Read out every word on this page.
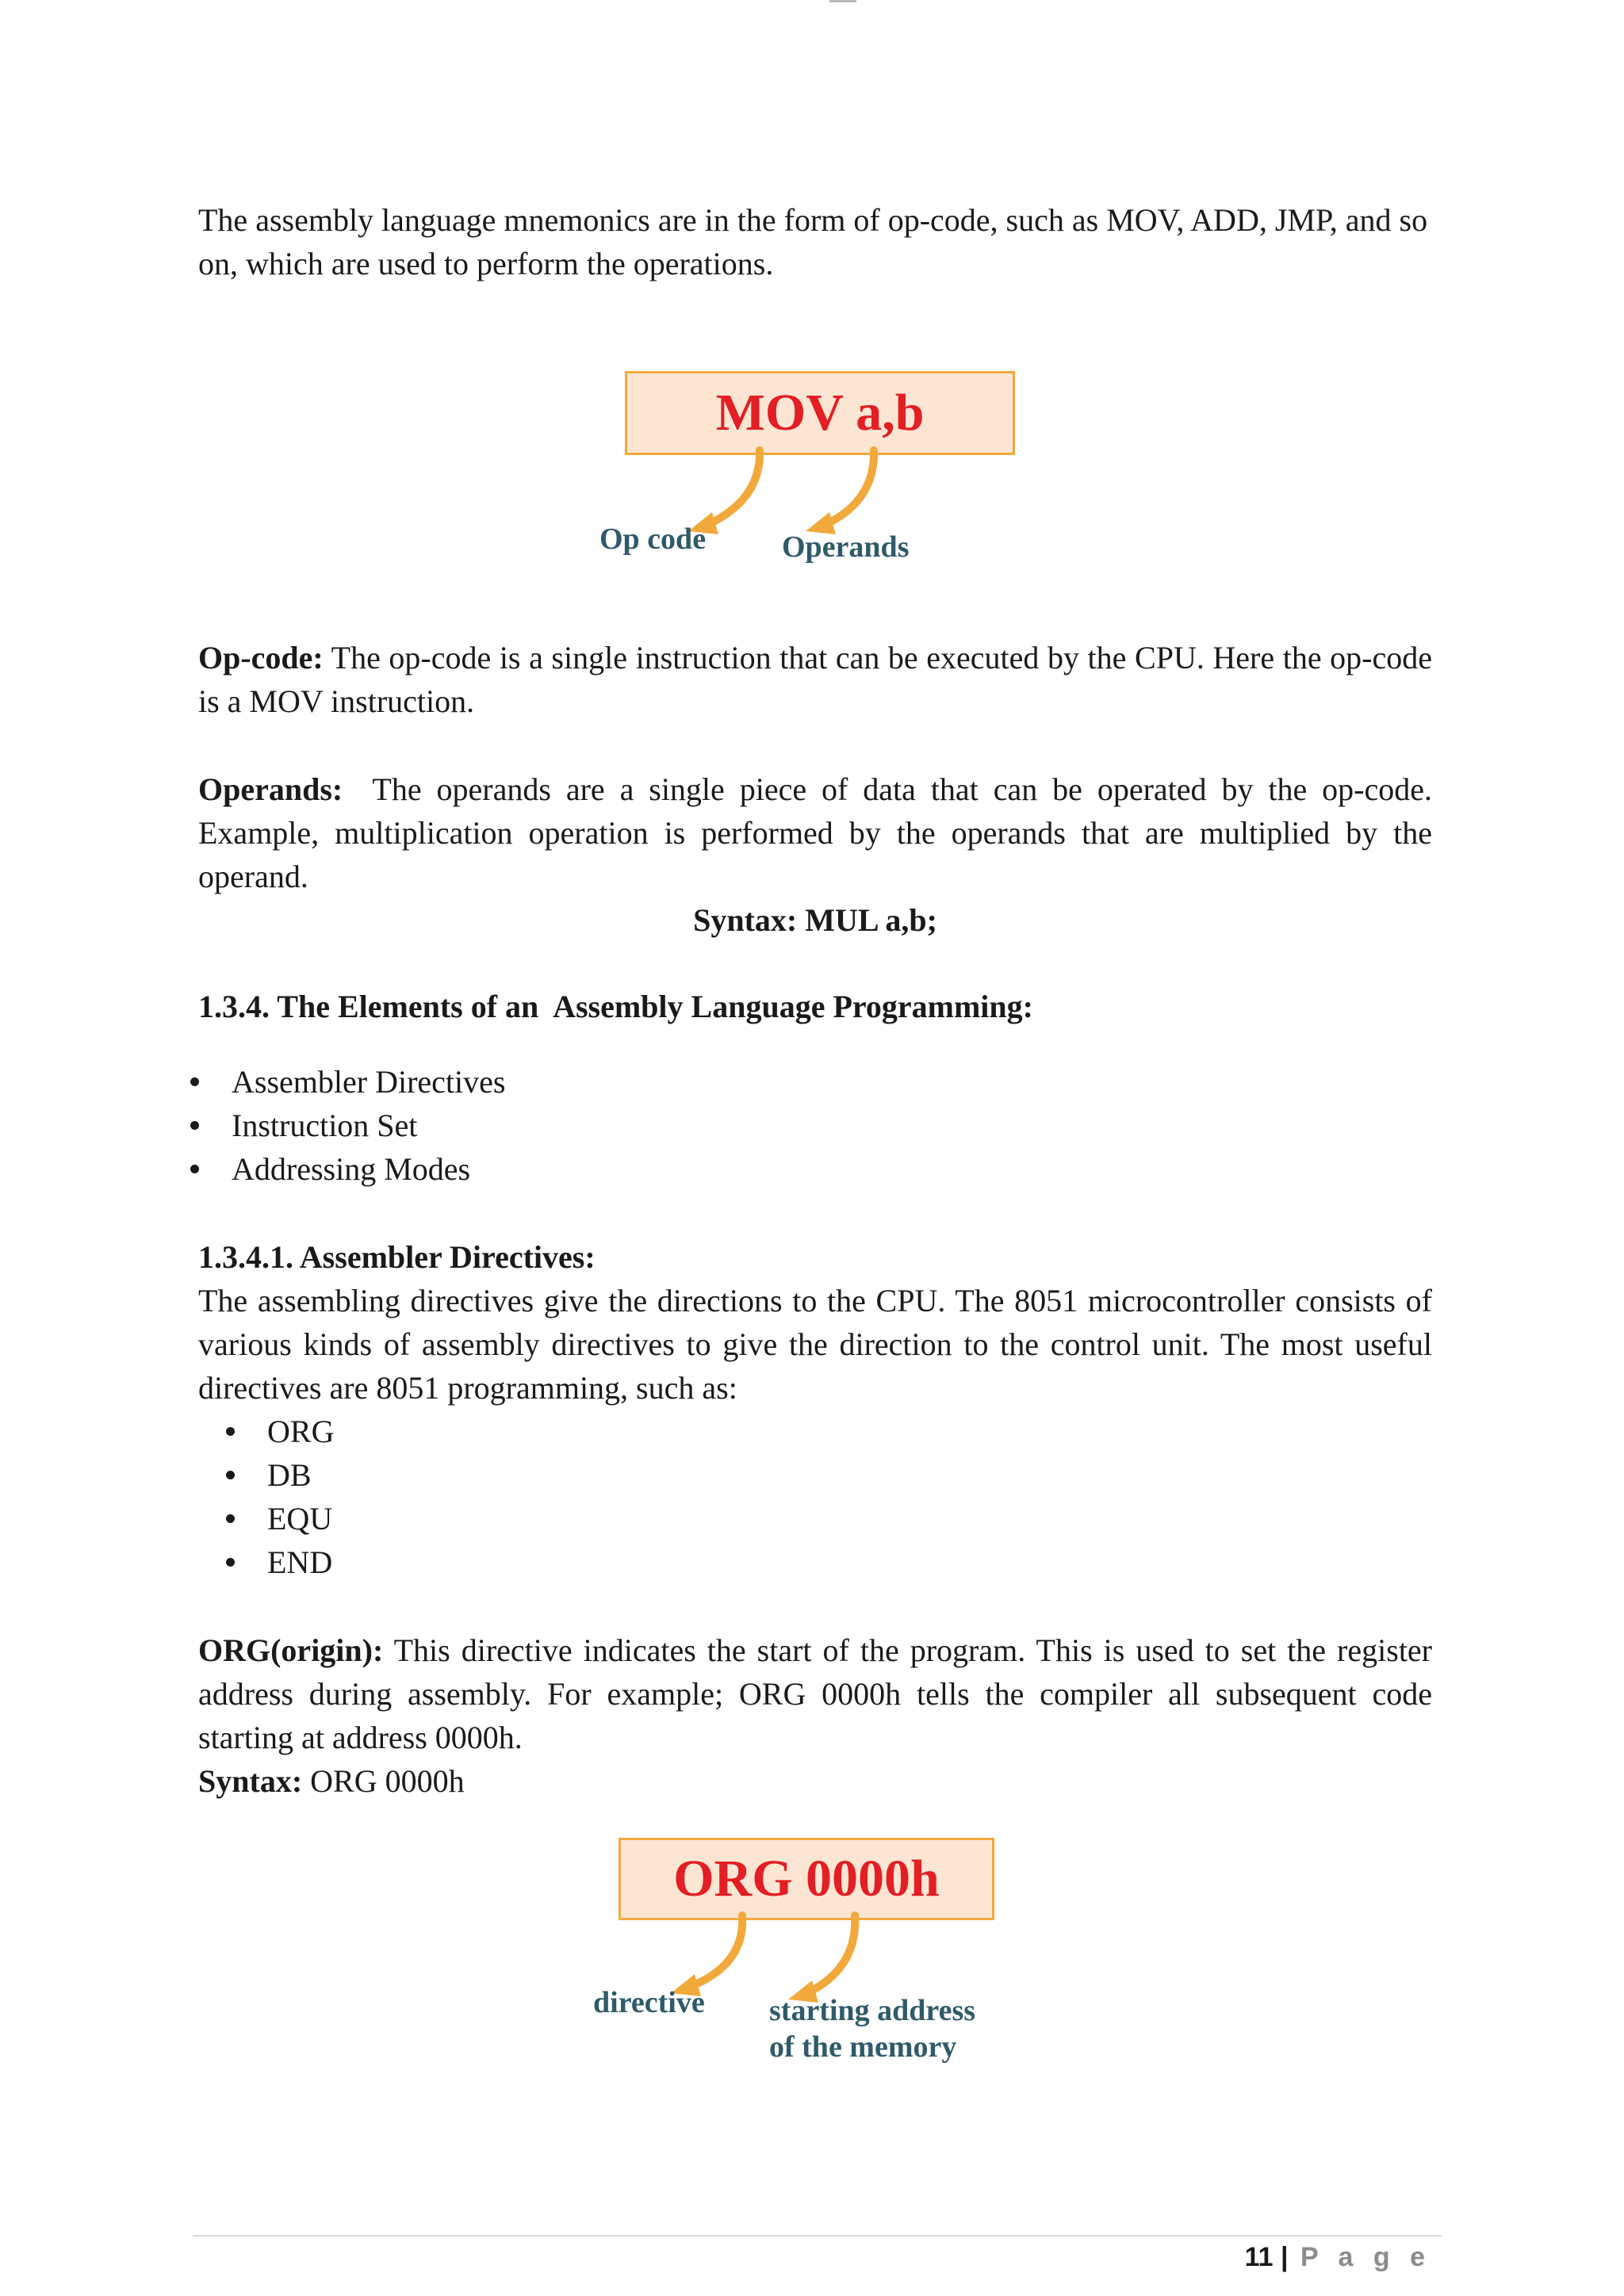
The assembly language mnemonics are in the form of op-code, such as MOV, ADD, JMP, and so on, which are used to perform the operations.

MOV a,b
Op code	Operands

Op-code: The op-code is a single instruction that can be executed by the CPU. Here the op-code is a MOV instruction.

Operands:  The operands are a single piece of data that can be operated by the op-code. Example, multiplication operation is performed by the operands that are multiplied by the operand.

Syntax: MUL a,b;

1.3.4. The Elements of an  Assembly Language Programming:

Assembler Directives
Instruction Set
Addressing Modes

1.3.4.1. Assembler Directives:

The assembling directives give the directions to the CPU. The 8051 microcontroller consists of various kinds of assembly directives to give the direction to the control unit. The most useful directives are 8051 programming, such as:

ORG
DB
EQU
END

ORG(origin): This directive indicates the start of the program. This is used to set the register address during assembly. For example; ORG 0000h tells the compiler all subsequent code starting at address 0000h.

Syntax: ORG 0000h

ORG 0000h
directive starting address
of the memory
11 | P a g e
